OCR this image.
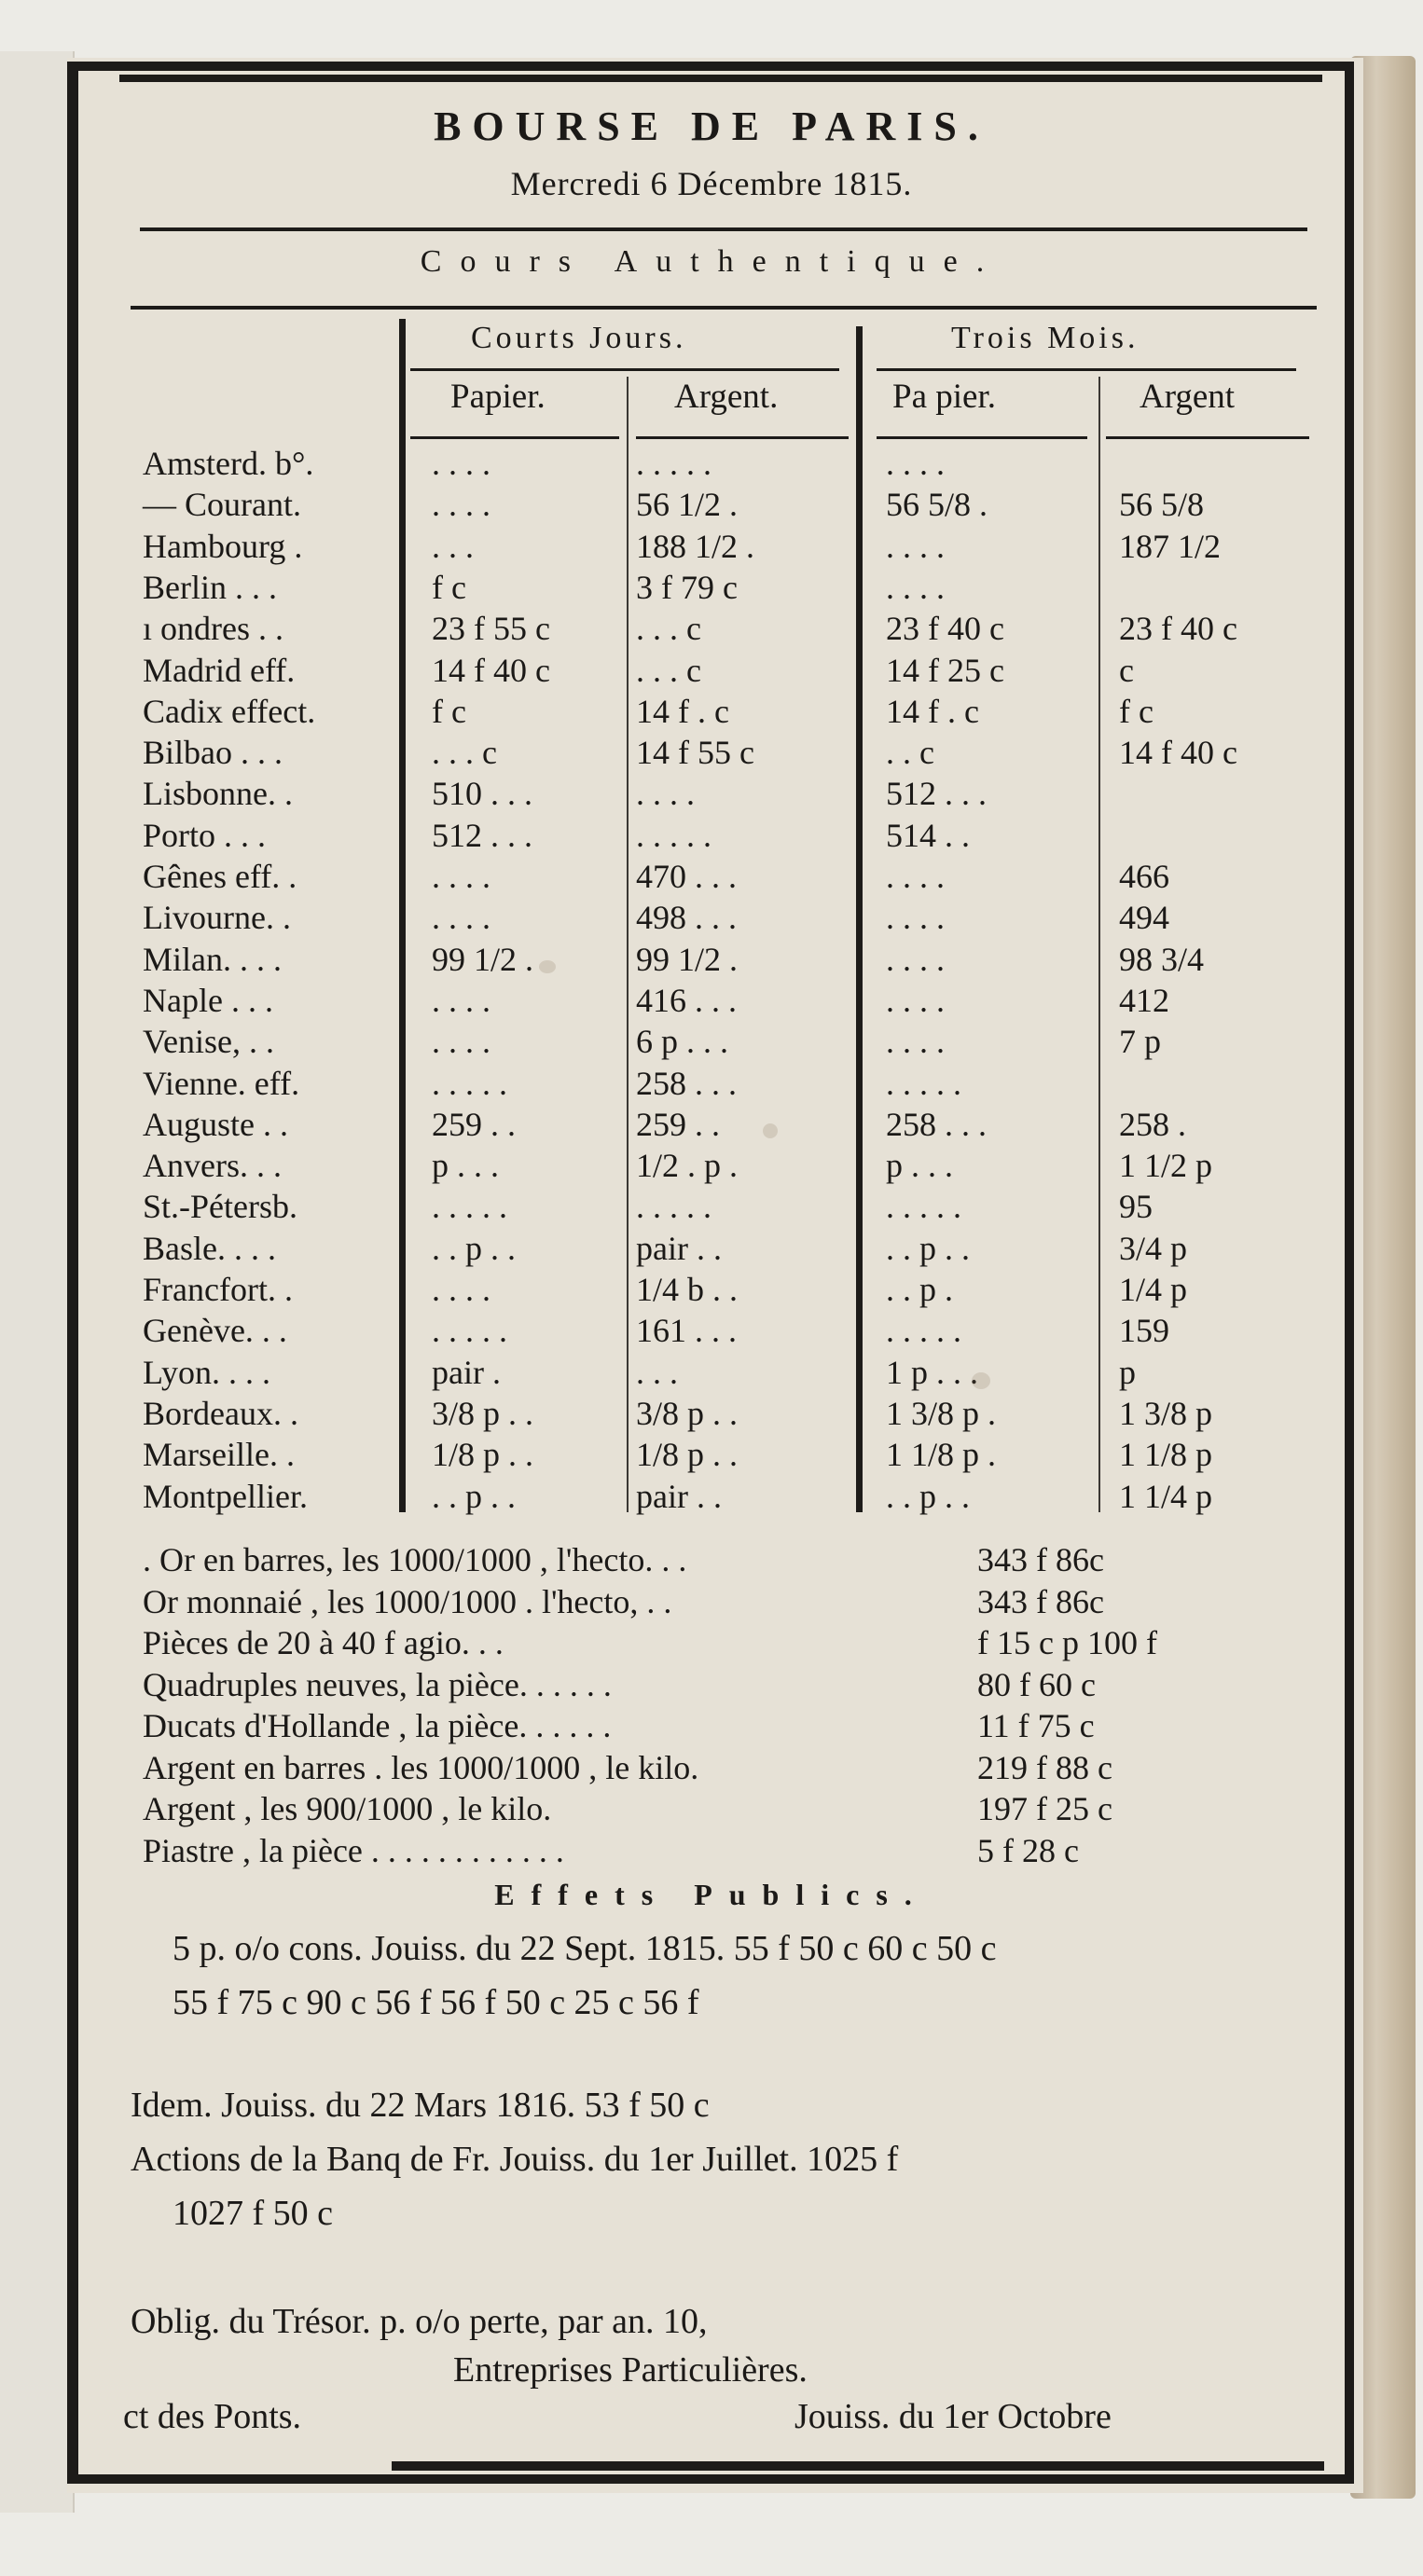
BOURSE DE PARIS.
Mercredi 6 Décembre 1815.
Cours Authentique.
Courts Jours.	Trois Mois.
Papier.	Argent.	Pa pier.	Argent
Amsterd. b°.	. . . .	. . . . .	. . . .
— Courant.	. . . .	56 1/2 .	56 5/8 .	56 5/8
Hambourg .	. . .	188 1/2 .	. . . .	187 1/2
Berlin . . .	f c	3 f 79 c	. . . .
ı ondres . .	23 f 55 c	. . . c	23 f 40 c	23 f 40 c
Madrid eff.	14 f 40 c	. . . c	14 f 25 c	c
Cadix effect.	f c	14 f . c	14 f . c	f c
Bilbao . . .	. . . c	14 f 55 c	. . c	14 f 40 c
Lisbonne. .	510 . . .	. . . .	512 . . .
Porto . . .	512 . . .	. . . . .	514 . .
Gênes eff. .	. . . .	470 . . .	. . . .	466
Livourne. .	. . . .	498 . . .	. . . .	494
Milan. . . .	99 1/2 .	99 1/2 .	. . . .	98 3/4
Naple . . .	. . . .	416 . . .	. . . .	412
Venise, . .	. . . .	6 p . . .	. . . .	7 p
Vienne. eff.	. . . . .	258 . . .	. . . . .
Auguste . .	259 . .	259 . .	258 . . .	258 .
Anvers. . .	p . . .	1/2 . p .	p . . .	1 1/2 p
St.-Pétersb.	. . . . .	. . . . .	. . . . .	95
Basle. . . .	. . p . .	pair . .	. . p . .	3/4 p
Francfort. .	. . . .	1/4 b . .	. . p .	1/4 p
Genève. . .	. . . . .	161 . . .	. . . . .	159
Lyon. . . .	pair .	. . .	1 p . . .	p
Bordeaux. .	3/8 p . .	3/8 p . .	1 3/8 p .	1 3/8 p
Marseille. .	1/8 p . .	1/8 p . .	1 1/8 p .	1 1/8 p
Montpellier.	. . p . .	pair . .	. . p . .	1 1/4 p
. Or en barres, les 1000/1000 , l'hecto. . .	343 f 86c
Or monnaié , les 1000/1000 . l'hecto, . .	343 f 86c
Pièces de 20 à 40 f agio. . .	f 15 c p 100 f
Quadruples neuves, la pièce. . . . . .	80 f 60 c
Ducats d'Hollande , la pièce. . . . . .	11 f 75 c
Argent en barres . les 1000/1000 , le kilo.	219 f 88 c
Argent , les 900/1000 , le kilo.	197 f 25 c
Piastre , la pièce . . . . . . . . . . . .	5 f 28 c
Effets Publics.
5 p. o/o cons. Jouiss. du 22 Sept. 1815. 55 f 50 c 60 c 50 c
55 f 75 c 90 c 56 f 56 f 50 c 25 c 56 f
Idem. Jouiss. du 22 Mars 1816. 53 f 50 c
Actions de la Banq de Fr. Jouiss. du 1er Juillet. 1025 f
1027 f 50 c
Oblig. du Trésor. p. o/o perte, par an. 10,
Entreprises Particulières.
ct des Ponts.	Jouiss. du 1er Octobre
